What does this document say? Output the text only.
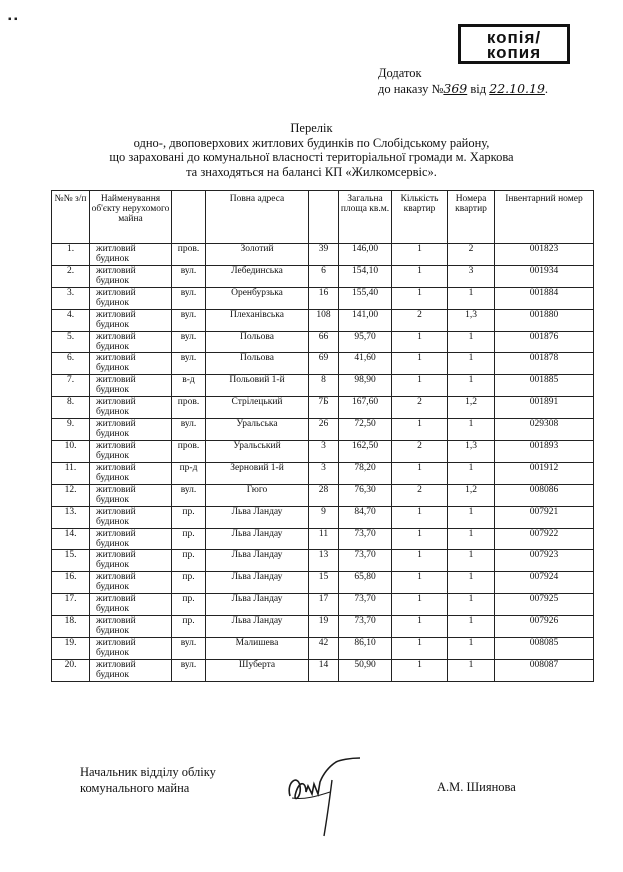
▪ ▪
копія/
копия
Додаток
до наказу №369 від 22.10.19.
Перелік
одно-, двоповерхових житлових будинків по Слобідському району,
що зараховані до комунальної власності територіальної громади м. Харкова
та знаходяться на балансі КП «Жилкомсервіс».
№№ з/п	Найменування об'єкту нерухомого майна		Повна адреса		Загальна площа кв.м.	Кількість квартир	Номера квартир	Інвентарний номер
1.	житловий будинок	пров.	Золотий	39	146,00	1	2	001823
2.	житловий будинок	вул.	Лебединська	6	154,10	1	3	001934
3.	житловий будинок	вул.	Оренбурзька	16	155,40	1	1	001884
4.	житловий будинок	вул.	Плеханівська	108	141,00	2	1,3	001880
5.	житловий будинок	вул.	Польова	66	95,70	1	1	001876
6.	житловий будинок	вул.	Польова	69	41,60	1	1	001878
7.	житловий будинок	в-д	Польовий 1-й	8	98,90	1	1	001885
8.	житловий будинок	пров.	Стрілецький	7Б	167,60	2	1,2	001891
9.	житловий будинок	вул.	Уральська	26	72,50	1	1	029308
10.	житловий будинок	пров.	Уральський	3	162,50	2	1,3	001893
11.	житловий будинок	пр-д	Зерновий 1-й	3	78,20	1	1	001912
12.	житловий будинок	вул.	Гюго	28	76,30	2	1,2	008086
13.	житловий будинок	пр.	Льва Ландау	9	84,70	1	1	007921
14.	житловий будинок	пр.	Льва Ландау	11	73,70	1	1	007922
15.	житловий будинок	пр.	Льва Ландау	13	73,70	1	1	007923
16.	житловий будинок	пр.	Льва Ландау	15	65,80	1	1	007924
17.	житловий будинок	пр.	Льва Ландау	17	73,70	1	1	007925
18.	житловий будинок	пр.	Льва Ландау	19	73,70	1	1	007926
19.	житловий будинок	вул.	Малишева	42	86,10	1	1	008085
20.	житловий будинок	вул.	Шуберта	14	50,90	1	1	008087
Начальник відділу обліку
комунального майна	А.М. Шиянова
